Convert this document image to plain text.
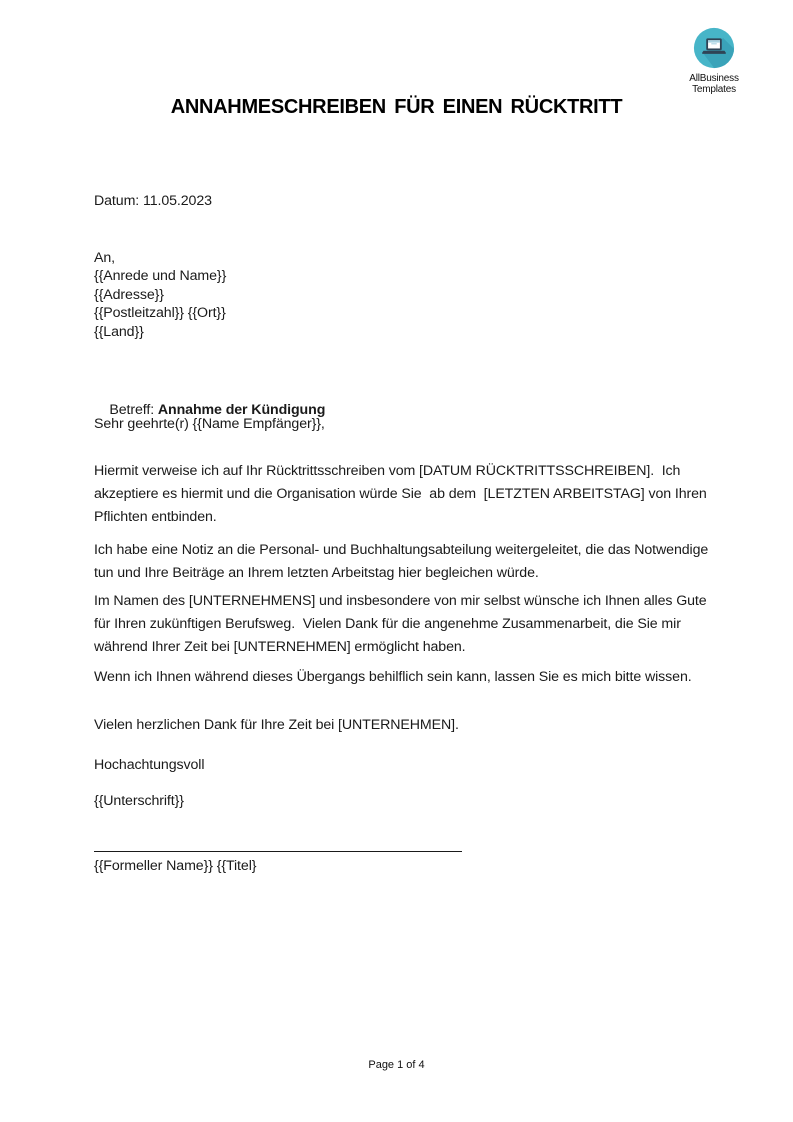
AllBusiness
Templates
ANNAHMESCHREIBEN FÜR EINEN RÜCKTRITT
Datum: 11.05.2023
An,
{{Anrede und Name}}
{{Adresse}}
{{Postleitzahl}} {{Ort}}
{{Land}}

Betreff: Annahme der Kündigung

Sehr geehrte(r) {{Name Empfänger}},
Hiermit verweise ich auf Ihr Rücktrittsschreiben vom [DATUM RÜCKTRITTSSCHREIBEN].  Ich akzeptiere es hiermit und die Organisation würde Sie  ab dem  [LETZTEN ARBEITSTAG] von Ihren Pflichten entbinden.
Ich habe eine Notiz an die Personal- und Buchhaltungsabteilung weitergeleitet, die das Notwendige tun und Ihre Beiträge an Ihrem letzten Arbeitstag hier begleichen würde.
Im Namen des [UNTERNEHMENS] und insbesondere von mir selbst wünsche ich Ihnen alles Gute für Ihren zukünftigen Berufsweg.  Vielen Dank für die angenehme Zusammenarbeit, die Sie mir während Ihrer Zeit bei [UNTERNEHMEN] ermöglicht haben.
Wenn ich Ihnen während dieses Übergangs behilflich sein kann, lassen Sie es mich bitte wissen.
Vielen herzlichen Dank für Ihre Zeit bei [UNTERNEHMEN].
Hochachtungsvoll
{{Unterschrift}}
{{Formeller Name}} {{Titel}
Page 1 of 4
